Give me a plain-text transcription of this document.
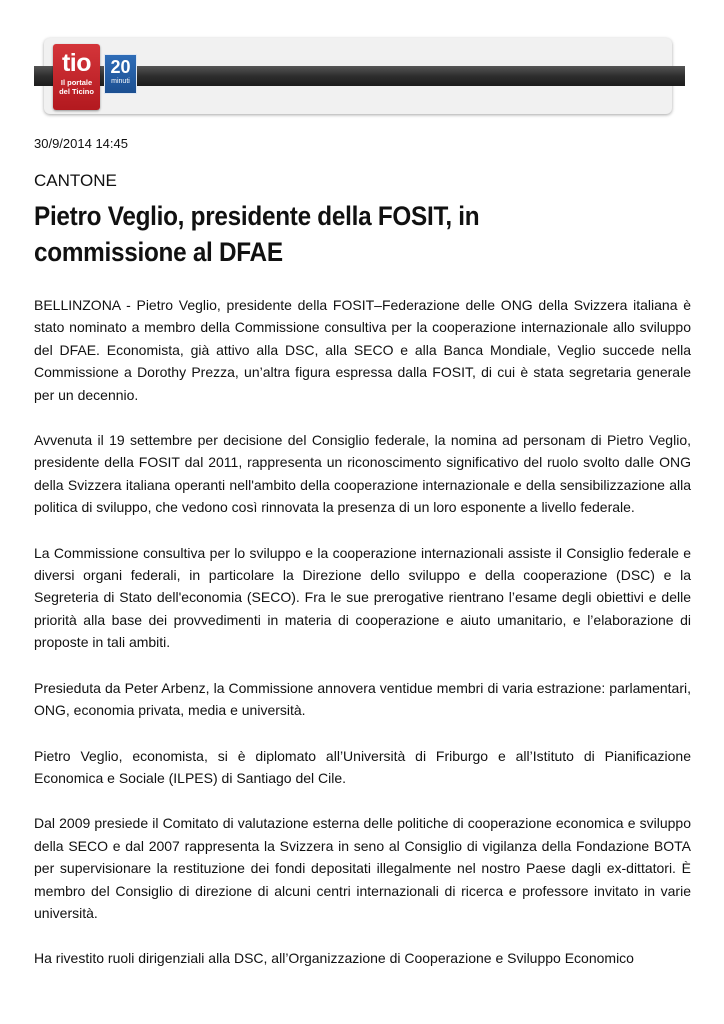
tio
Il portale
del Ticino
20
minuti
30/9/2014 14:45
CANTONE
Pietro Veglio, presidente della FOSIT, in commissione al DFAE

BELLINZONA - Pietro Veglio, presidente della FOSIT–Federazione delle ONG della Svizzera italiana è stato nominato a membro della Commissione consultiva per la cooperazione internazionale allo sviluppo del DFAE. Economista, già attivo alla DSC, alla SECO e alla Banca Mondiale, Veglio succede nella Commissione a Dorothy Prezza, un’altra figura espressa dalla FOSIT, di cui è stata segretaria generale per un decennio.

Avvenuta il 19 settembre per decisione del Consiglio federale, la nomina ad personam di Pietro Veglio, presidente della FOSIT dal 2011, rappresenta un riconoscimento significativo del ruolo svolto dalle ONG della Svizzera italiana operanti nell'ambito della cooperazione internazionale e della sensibilizzazione alla politica di sviluppo, che vedono così rinnovata la presenza di un loro esponente a livello federale.

La Commissione consultiva per lo sviluppo e la cooperazione internazionali assiste il Consiglio federale e diversi organi federali, in particolare la Direzione dello sviluppo e della cooperazione (DSC) e la Segreteria di Stato dell'economia (SECO). Fra le sue prerogative rientrano l’esame degli obiettivi e delle priorità alla base dei provvedimenti in materia di cooperazione e aiuto umanitario, e l’elaborazione di proposte in tali ambiti.

Presieduta da Peter Arbenz, la Commissione annovera ventidue membri di varia estrazione: parlamentari, ONG, economia privata, media e università.

Pietro Veglio, economista, si è diplomato all’Università di Friburgo e all’Istituto di Pianificazione Economica e Sociale (ILPES) di Santiago del Cile.

Dal 2009 presiede il Comitato di valutazione esterna delle politiche di cooperazione economica e sviluppo della SECO e dal 2007 rappresenta la Svizzera in seno al Consiglio di vigilanza della Fondazione BOTA per supervisionare la restituzione dei fondi depositati illegalmente nel nostro Paese dagli ex-dittatori. È membro del Consiglio di direzione di alcuni centri internazionali di ricerca e professore invitato in varie università.

Ha rivestito ruoli dirigenziali alla DSC, all’Organizzazione di Cooperazione e Sviluppo Economico
